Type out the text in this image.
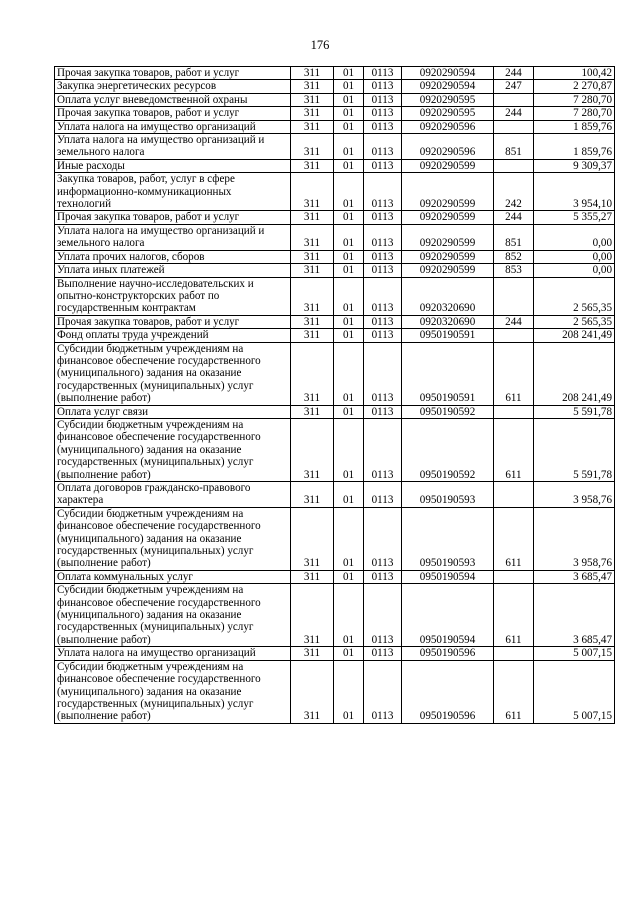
176
Прочая закупка товаров, работ и услуг	311	01	0113	0920290594	244	100,42
Закупка энергетических ресурсов	311	01	0113	0920290594	247	2 270,87
Оплата услуг вневедомственной охраны	311	01	0113	0920290595		7 280,70
Прочая закупка товаров, работ и услуг	311	01	0113	0920290595	244	7 280,70
Уплата налога на имущество организаций	311	01	0113	0920290596		1 859,76
Уплата налога на имущество организаций и земельного налога	311	01	0113	0920290596	851	1 859,76
Иные расходы	311	01	0113	0920290599		9 309,37
Закупка товаров, работ, услуг в сфере информационно-коммуникационных технологий	311	01	0113	0920290599	242	3 954,10
Прочая закупка товаров, работ и услуг	311	01	0113	0920290599	244	5 355,27
Уплата налога на имущество организаций и земельного налога	311	01	0113	0920290599	851	0,00
Уплата прочих налогов, сборов	311	01	0113	0920290599	852	0,00
Уплата иных платежей	311	01	0113	0920290599	853	0,00
Выполнение научно-исследовательских и опытно-конструкторских работ по государственным контрактам	311	01	0113	0920320690		2 565,35
Прочая закупка товаров, работ и услуг	311	01	0113	0920320690	244	2 565,35
Фонд оплаты труда учреждений	311	01	0113	0950190591		208 241,49
Субсидии бюджетным учреждениям на финансовое обеспечение государственного (муниципального) задания на оказание государственных (муниципальных) услуг (выполнение работ)	311	01	0113	0950190591	611	208 241,49
Оплата услуг связи	311	01	0113	0950190592		5 591,78
Субсидии бюджетным учреждениям на финансовое обеспечение государственного (муниципального) задания на оказание государственных (муниципальных) услуг (выполнение работ)	311	01	0113	0950190592	611	5 591,78
Оплата договоров гражданско-правового характера	311	01	0113	0950190593		3 958,76
Субсидии бюджетным учреждениям на финансовое обеспечение государственного (муниципального) задания на оказание государственных (муниципальных) услуг (выполнение работ)	311	01	0113	0950190593	611	3 958,76
Оплата коммунальных услуг	311	01	0113	0950190594		3 685,47
Субсидии бюджетным учреждениям на финансовое обеспечение государственного (муниципального) задания на оказание государственных (муниципальных) услуг (выполнение работ)	311	01	0113	0950190594	611	3 685,47
Уплата налога на имущество организаций	311	01	0113	0950190596		5 007,15
Субсидии бюджетным учреждениям на финансовое обеспечение государственного (муниципального) задания на оказание государственных (муниципальных) услуг (выполнение работ)	311	01	0113	0950190596	611	5 007,15
